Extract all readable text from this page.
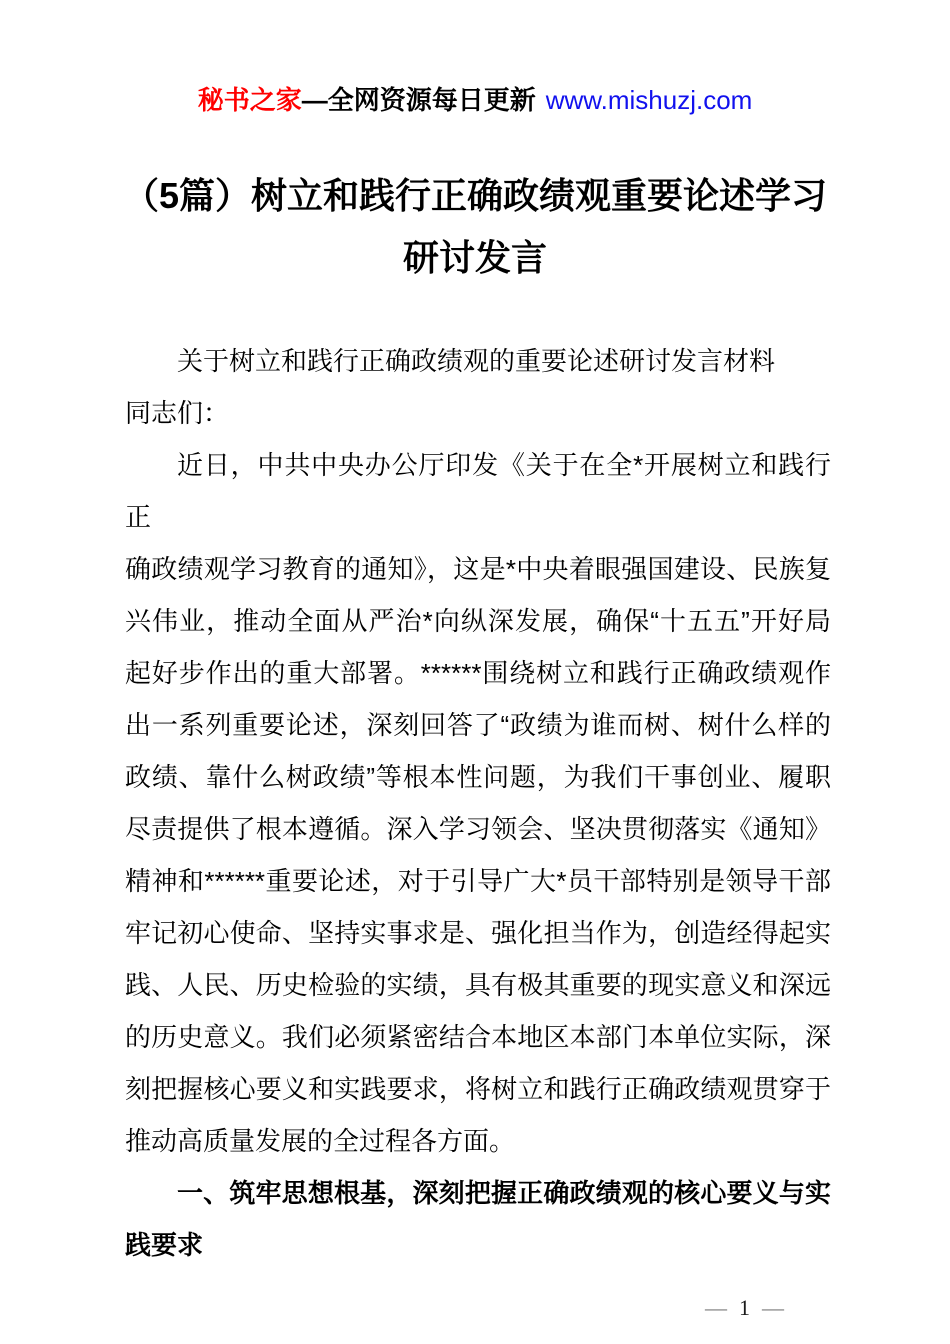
秘书之家—全网资源每日更新 www.mishuzj.com
（5篇）树立和践行正确政绩观重要论述学习
研讨发言
关于树立和践行正确政绩观的重要论述研讨发言材料
同志们：
近日，中共中央办公厅印发《关于在全*开展树立和践行正
确政绩观学习教育的通知》，这是*中央着眼强国建设、民族复
兴伟业，推动全面从严治*向纵深发展，确保“十五五”开好局
起好步作出的重大部署。******围绕树立和践行正确政绩观作
出一系列重要论述，深刻回答了“政绩为谁而树、树什么样的
政绩、靠什么树政绩”等根本性问题，为我们干事创业、履职
尽责提供了根本遵循。深入学习领会、坚决贯彻落实《通知》
精神和******重要论述，对于引导广大*员干部特别是领导干部
牢记初心使命、坚持实事求是、强化担当作为，创造经得起实
践、人民、历史检验的实绩，具有极其重要的现实意义和深远
的历史意义。我们必须紧密结合本地区本部门本单位实际，深
刻把握核心要义和实践要求，将树立和践行正确政绩观贯穿于
推动高质量发展的全过程各方面。
一、筑牢思想根基，深刻把握正确政绩观的核心要义与实
践要求
— 1 —
